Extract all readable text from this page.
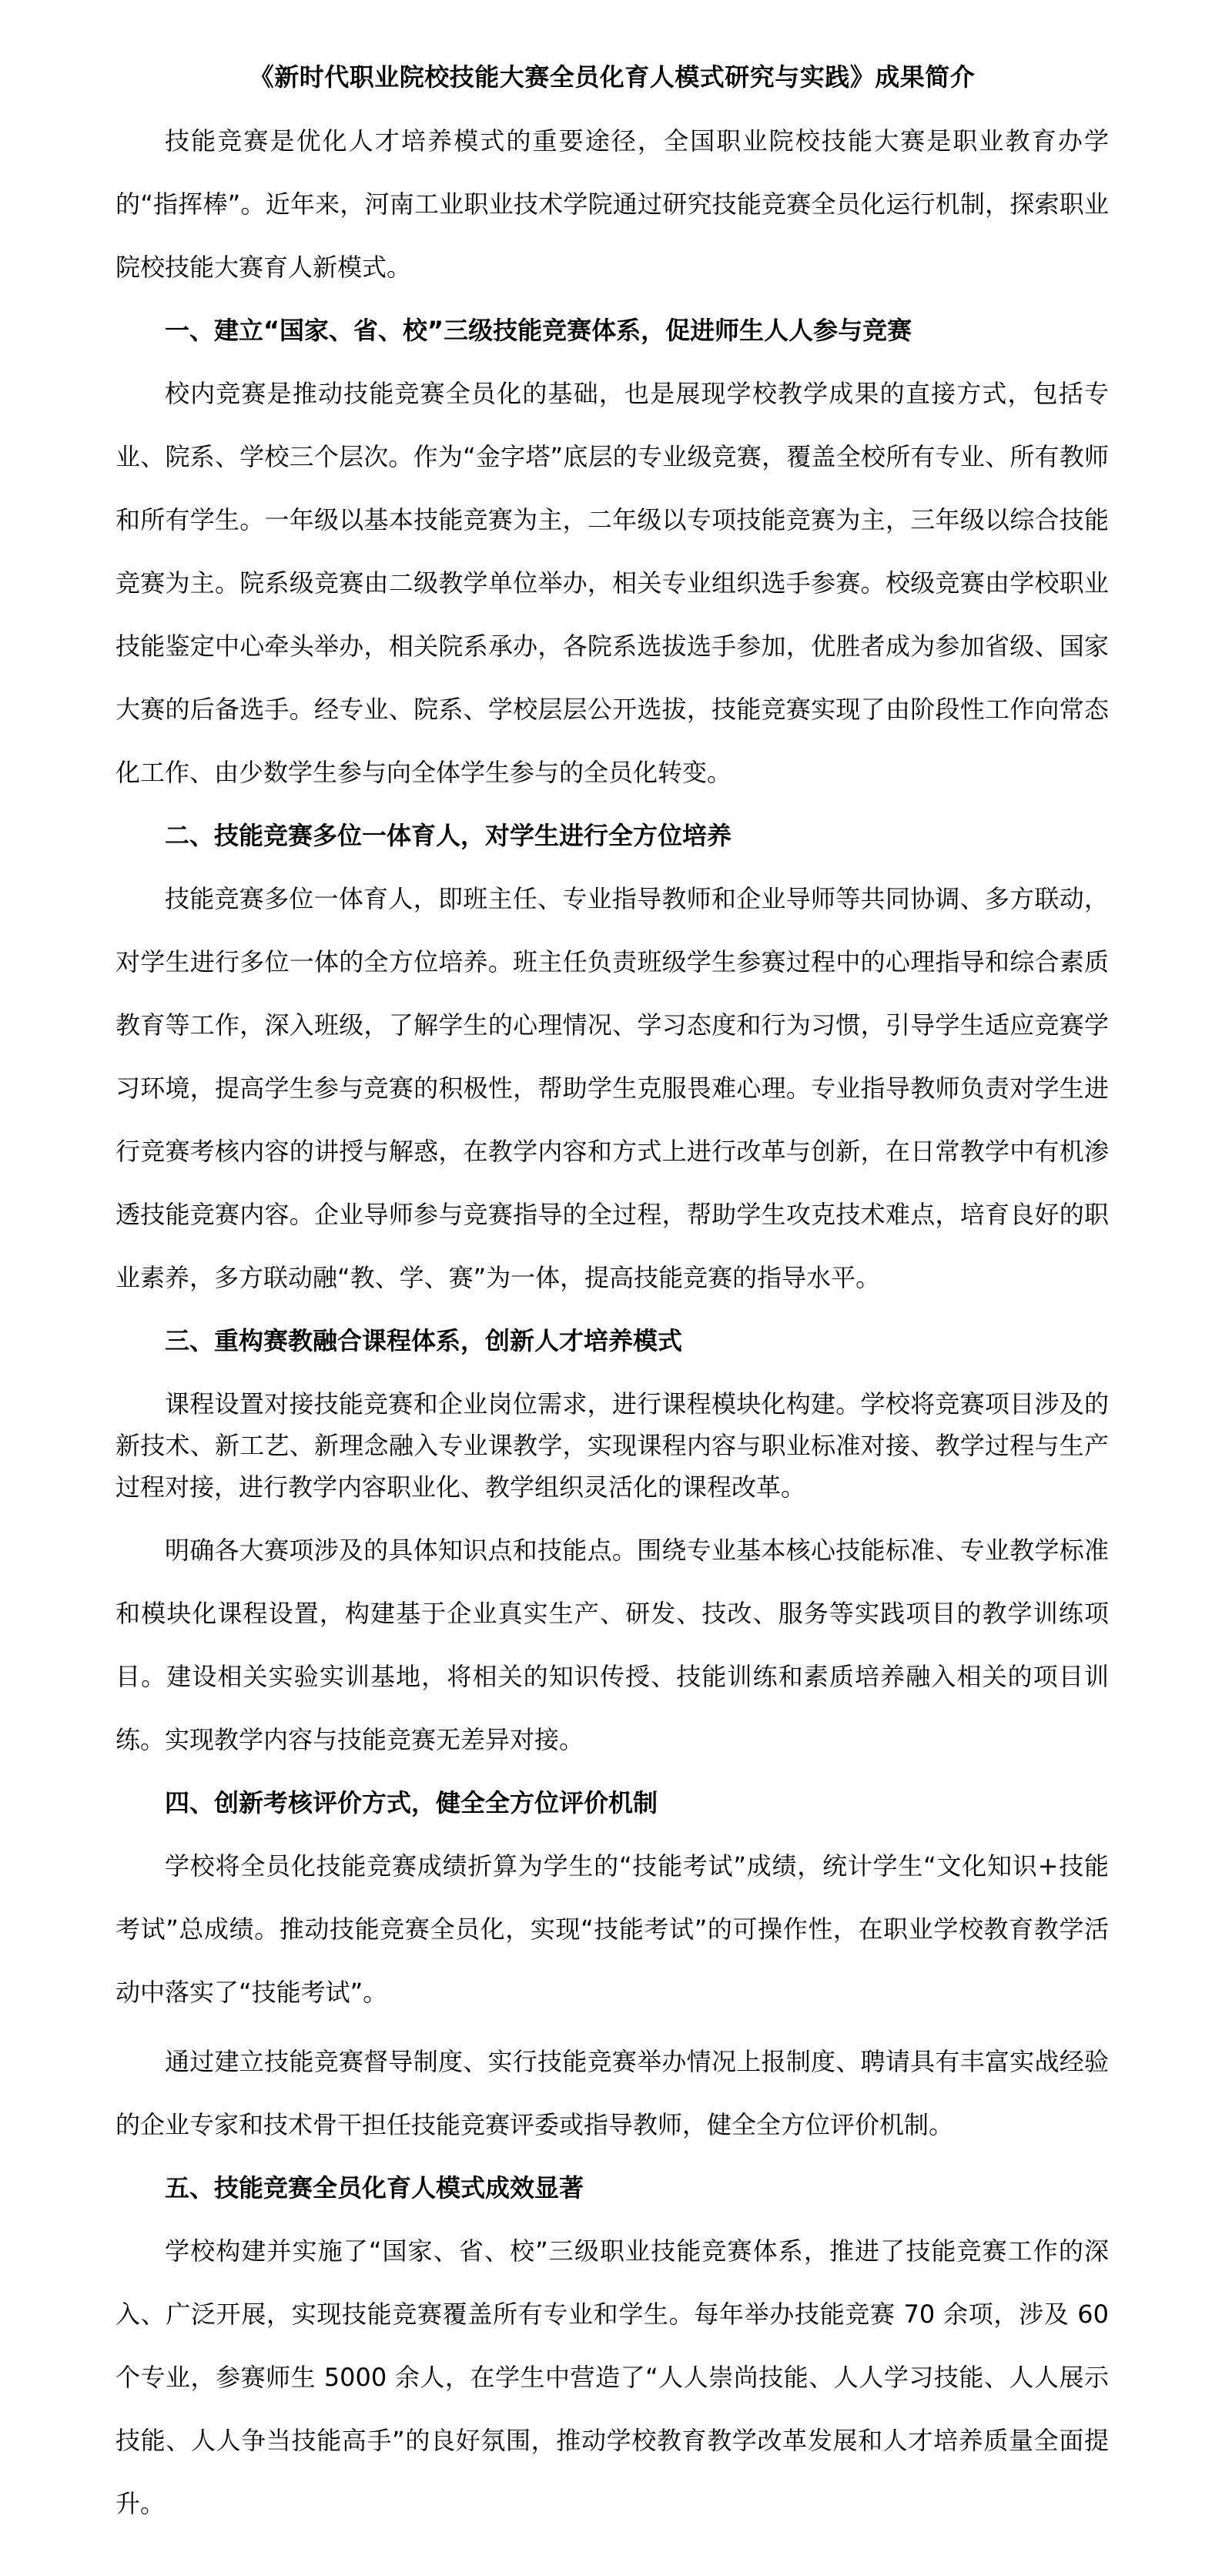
《新时代职业院校技能大赛全员化育人模式研究与实践》成果简介

技能竞赛是优化人才培养模式的重要途径，全国职业院校技能大赛是职业教育办学的“指挥棒”。近年来，河南工业职业技术学院通过研究技能竞赛全员化运行机制，探索职业院校技能大赛育人新模式。

一、建立“国家、省、校”三级技能竞赛体系，促进师生人人参与竞赛

校内竞赛是推动技能竞赛全员化的基础，也是展现学校教学成果的直接方式，包括专业、院系、学校三个层次。作为“金字塔”底层的专业级竞赛，覆盖全校所有专业、所有教师和所有学生。一年级以基本技能竞赛为主，二年级以专项技能竞赛为主，三年级以综合技能竞赛为主。院系级竞赛由二级教学单位举办，相关专业组织选手参赛。校级竞赛由学校职业技能鉴定中心牵头举办，相关院系承办，各院系选拔选手参加，优胜者成为参加省级、国家大赛的后备选手。经专业、院系、学校层层公开选拔，技能竞赛实现了由阶段性工作向常态化工作、由少数学生参与向全体学生参与的全员化转变。

二、技能竞赛多位一体育人，对学生进行全方位培养

技能竞赛多位一体育人，即班主任、专业指导教师和企业导师等共同协调、多方联动，对学生进行多位一体的全方位培养。班主任负责班级学生参赛过程中的心理指导和综合素质教育等工作，深入班级，了解学生的心理情况、学习态度和行为习惯，引导学生适应竞赛学习环境，提高学生参与竞赛的积极性，帮助学生克服畏难心理。专业指导教师负责对学生进行竞赛考核内容的讲授与解惑，在教学内容和方式上进行改革与创新，在日常教学中有机渗透技能竞赛内容。企业导师参与竞赛指导的全过程，帮助学生攻克技术难点，培育良好的职业素养，多方联动融“教、学、赛”为一体，提高技能竞赛的指导水平。

三、重构赛教融合课程体系，创新人才培养模式

课程设置对接技能竞赛和企业岗位需求，进行课程模块化构建。学校将竞赛项目涉及的新技术、新工艺、新理念融入专业课教学，实现课程内容与职业标准对接、教学过程与生产过程对接，进行教学内容职业化、教学组织灵活化的课程改革。

明确各大赛项涉及的具体知识点和技能点。围绕专业基本核心技能标准、专业教学标准和模块化课程设置，构建基于企业真实生产、研发、技改、服务等实践项目的教学训练项目。建设相关实验实训基地，将相关的知识传授、技能训练和素质培养融入相关的项目训练。实现教学内容与技能竞赛无差异对接。

四、创新考核评价方式，健全全方位评价机制

学校将全员化技能竞赛成绩折算为学生的“技能考试”成绩，统计学生“文化知识+技能考试”总成绩。推动技能竞赛全员化，实现“技能考试”的可操作性，在职业学校教育教学活动中落实了“技能考试”。

通过建立技能竞赛督导制度、实行技能竞赛举办情况上报制度、聘请具有丰富实战经验的企业专家和技术骨干担任技能竞赛评委或指导教师，健全全方位评价机制。

五、技能竞赛全员化育人模式成效显著

学校构建并实施了“国家、省、校”三级职业技能竞赛体系，推进了技能竞赛工作的深入、广泛开展，实现技能竞赛覆盖所有专业和学生。每年举办技能竞赛 70 余项，涉及 60 个专业，参赛师生 5000 余人，在学生中营造了“人人崇尚技能、人人学习技能、人人展示技能、人人争当技能高手”的良好氛围，推动学校教育教学改革发展和人才培养质量全面提升。
